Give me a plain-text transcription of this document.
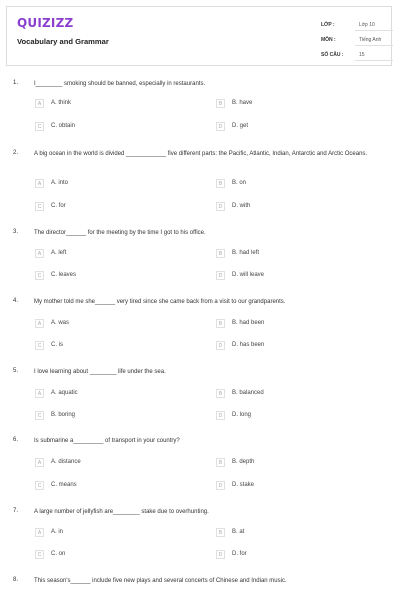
QUIZIZZ
Vocabulary and Grammar
LỚP :	Lớp 10
MÔN :	Tiếng Anh
SỐ CÂU :	15
1.	I________ smoking should be banned, especially in restaurants.
A	A. think	B	B. have
C	C. obtain	D	D. get
2.	A big ocean in the world is divided ____________ five different parts: the Pacific, Atlantic, Indian, Antarctic and Arctic Oceans.
A	A. into	B	B. on
C	C. for	D	D. with
3.	The director______ for the meeting by the time I got to his office.
A	A. left	B	B. had left
C	C. leaves	D	D. will leave
4.	My mother told me she______ very tired since she came back from a visit to our grandparents.
A	A. was	B	B. had been
C	C. is	D	D. has been
5.	I love learning about ________ life under the sea.
A	A. aquatic	B	B. balanced
C	B. boring	D	D. long
6.	Is submarine a_________ of transport in your country?
A	A. distance	B	B. depth
C	C. means	D	D. stake
7.	A large number of jellyfish are________ stake due to overhunting.
A	A. in	B	B. at
C	C. on	D	D. for
8.	This season's______ include five new plays and several concerts of Chinese and Indian music.
